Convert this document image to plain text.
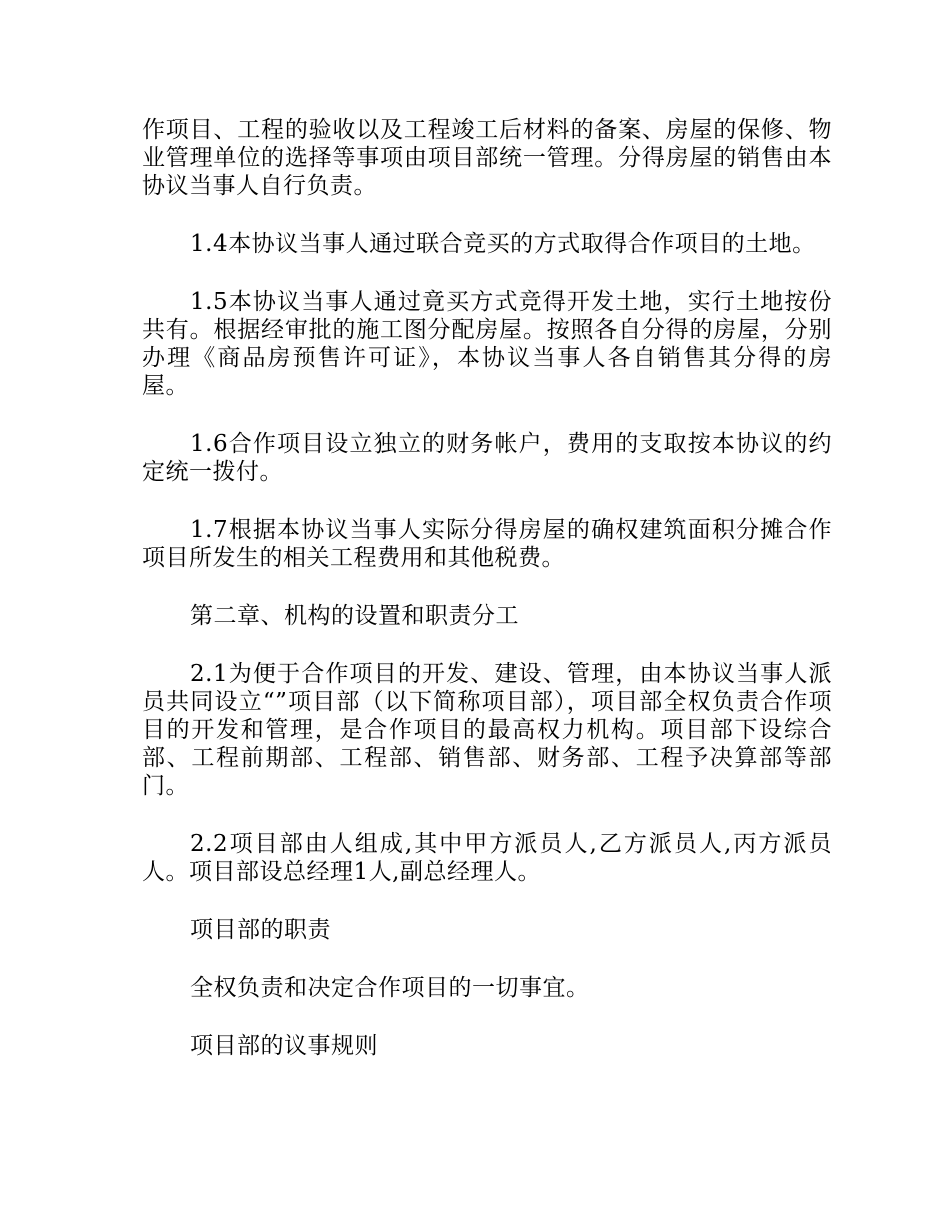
作项目、工程的验收以及工程竣工后材料的备案、房屋的保修、物业管理单位的选择等事项由项目部统一管理。分得房屋的销售由本协议当事人自行负责。

1.4本协议当事人通过联合竞买的方式取得合作项目的土地。

1.5本协议当事人通过竟买方式竞得开发土地，实行土地按份共有。根据经审批的施工图分配房屋。按照各自分得的房屋，分别办理《商品房预售许可证》，本协议当事人各自销售其分得的房屋。

1.6合作项目设立独立的财务帐户，费用的支取按本协议的约定统一拨付。

1.7根据本协议当事人实际分得房屋的确权建筑面积分摊合作项目所发生的相关工程费用和其他税费。

第二章、机构的设置和职责分工

2.1为便于合作项目的开发、建设、管理，由本协议当事人派员共同设立“”项目部（以下简称项目部），项目部全权负责合作项目的开发和管理，是合作项目的最高权力机构。项目部下设综合部、工程前期部、工程部、销售部、财务部、工程予决算部等部门。

2.2项目部由人组成,其中甲方派员人,乙方派员人,丙方派员人。项目部设总经理1人,副总经理人。

项目部的职责

全权负责和决定合作项目的一切事宜。

项目部的议事规则
